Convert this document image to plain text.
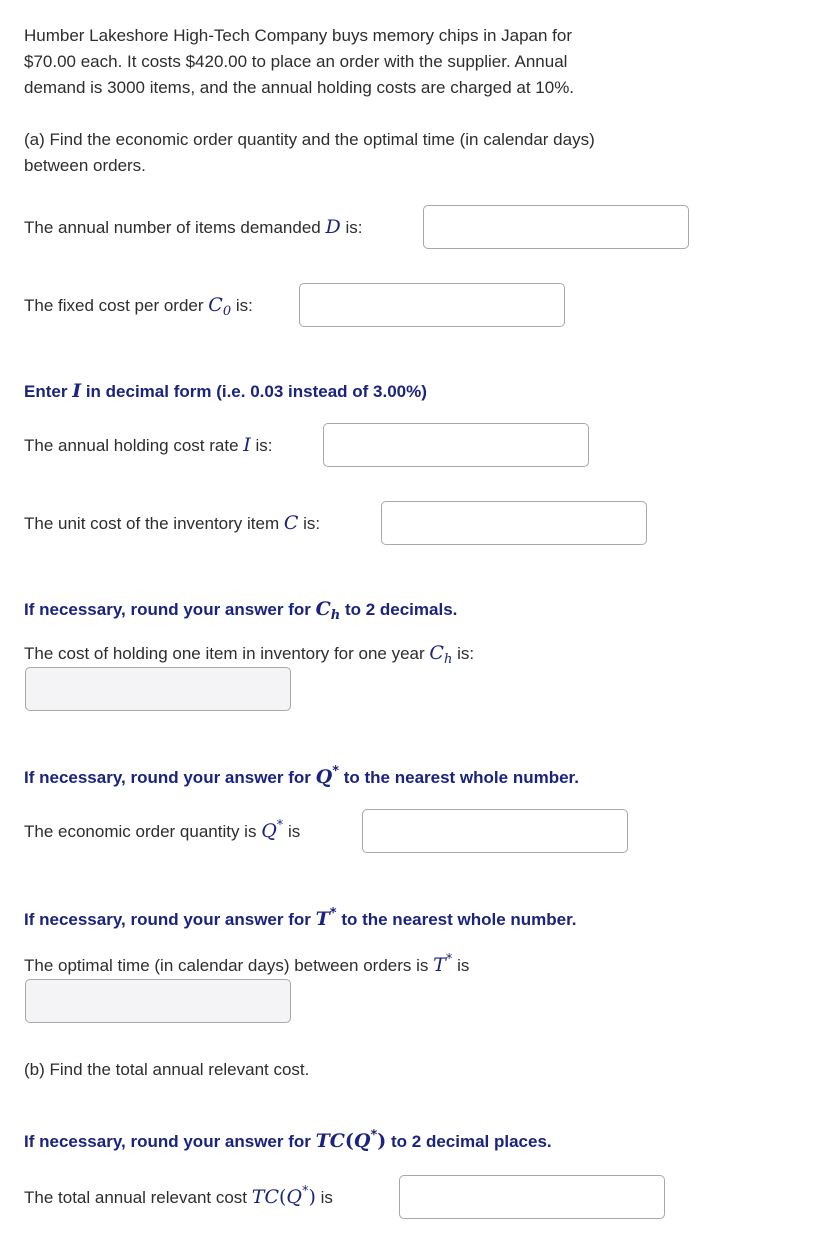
Humber Lakeshore High-Tech Company buys memory chips in Japan for
$70.00 each. It costs $420.00 to place an order with the supplier. Annual
demand is 3000 items, and the annual holding costs are charged at 10%.
(a) Find the economic order quantity and the optimal time (in calendar days)
between orders.
The annual number of items demanded D is:
The fixed cost per order $C_0$ is:
Enter I in decimal form (i.e. 0.03 instead of 3.00%)
The annual holding cost rate I is:
The unit cost of the inventory item C is:
If necessary, round your answer for $C_h$ to 2 decimals.
The cost of holding one item in inventory for one year $C_h$ is:
If necessary, round your answer for Q* to the nearest whole number.
The economic order quantity is Q* is
If necessary, round your answer for T* to the nearest whole number.
The optimal time (in calendar days) between orders is T* is
(b) Find the total annual relevant cost.
If necessary, round your answer for TC(Q*) to 2 decimal places.
The total annual relevant cost TC(Q*) is
